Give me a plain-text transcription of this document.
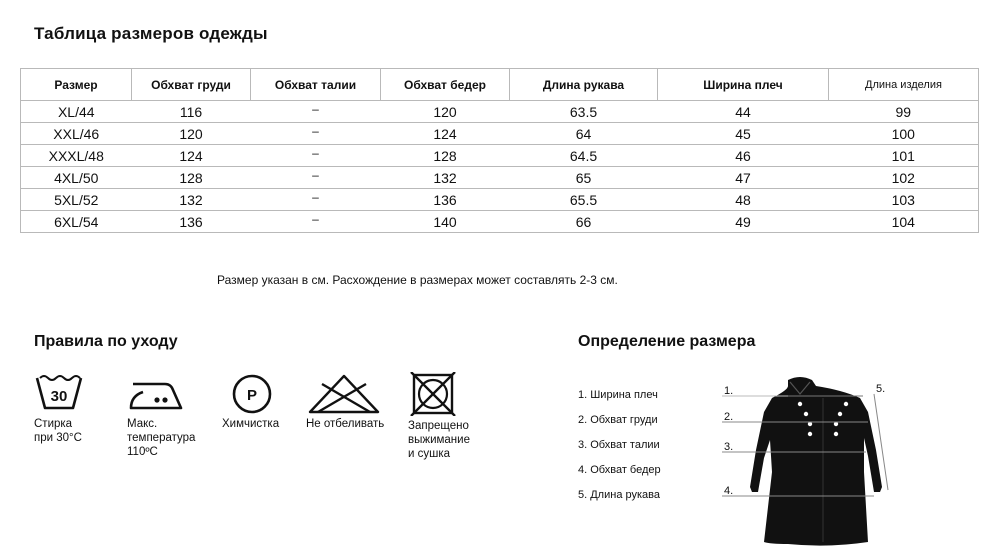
Таблица размеров одежды
Размер	Обхват груди	Обхват талии	Обхват бедер	Длина рукава	Ширина плеч	Длина изделия
XL/44	116	–	120	63.5	44	99
XXL/46	120	–	124	64	45	100
XXXL/48	124	–	128	64.5	46	101
4XL/50	128	–	132	65	47	102
5XL/52	132	–	136	65.5	48	103
6XL/54	136	–	140	66	49	104
Размер указан в см. Расхождение в размерах может составлять 2-3 см.
Правила по уходу
30
Стирка
при 30°C
Макс.
температура
110ºC
P
Химчистка Не отбеливать Запрещено
выжимание
и сушка
Определение размера
1. Ширина плеч
2. Обхват груди
3. Обхват талии
4. Обхват бедер
5. Длина рукава
1.
2.
3.
4.
5.
